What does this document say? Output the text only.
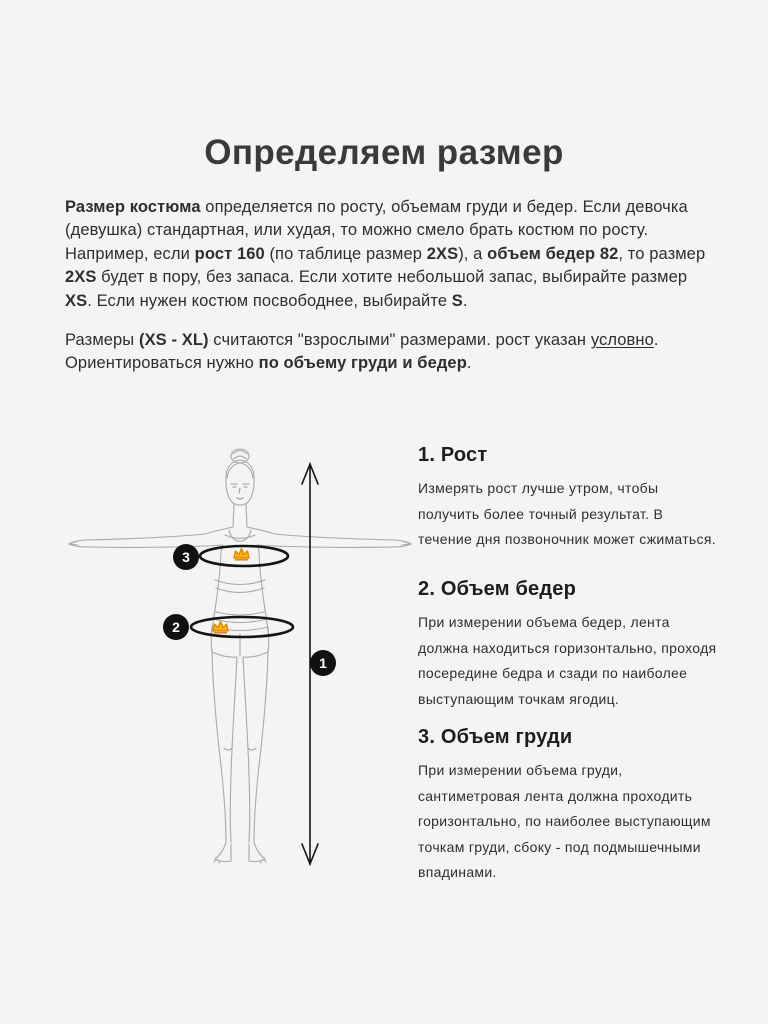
Определяем размер

Размер костюма определяется по росту, объемам груди и бедер. Если девочка (девушка) стандартная, или худая, то можно смело брать костюм по росту. Например, если рост 160 (по таблице размер 2XS), а объем бедер 82, то размер 2XS будет в пору, без запаса. Если хотите небольшой запас, выбирайте размер XS. Если нужен костюм посвободнее, выбирайте S.

Размеры (XS - XL) считаются "взрослыми" размерами. рост указан условно. Ориентироваться нужно по объему груди и бедер.

3
2
1
1. Рост

Измерять рост лучше утром, чтобы получить более точный результат. В течение дня позвоночник может сжиматься.

2. Объем бедер

При измерении объема бедер, лента должна находиться горизонтально, проходя посередине бедра и сзади по наиболее выступающим точкам ягодиц.

3. Объем груди

При измерении объема груди, сантиметровая лента должна проходить горизонтально, по наиболее выступающим точкам груди, сбоку - под подмышечными впадинами.
